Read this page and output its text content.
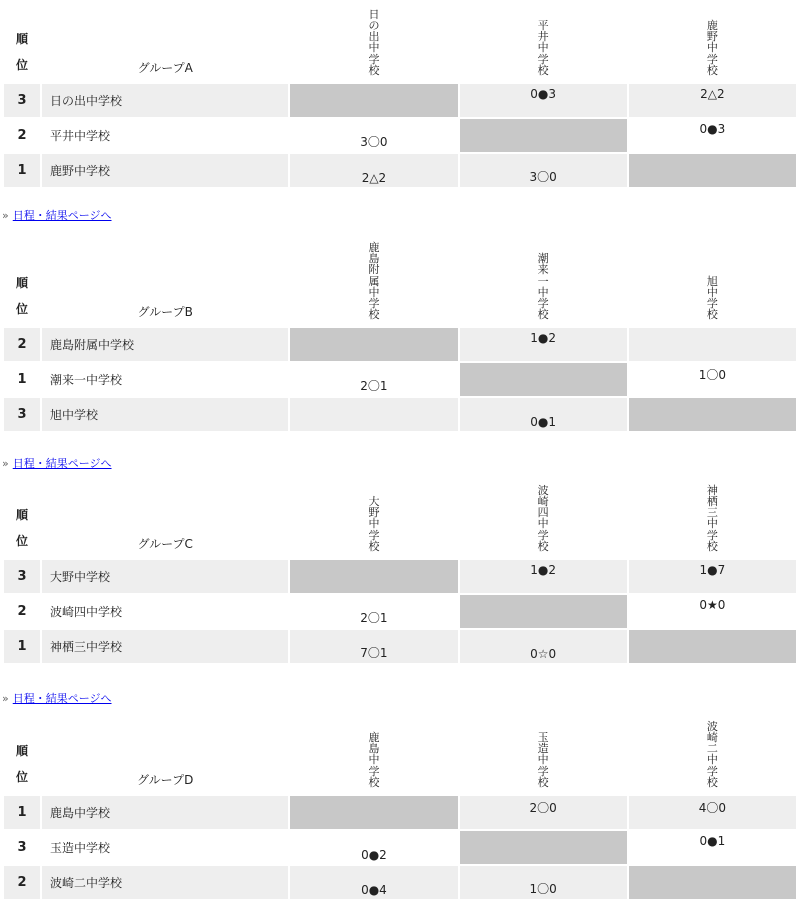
順位	グループA	日の出中学校	平井中学校	鹿野中学校
3	日の出中学校		0●3	2△2

2	平井中学校	3〇0		0●3

1	鹿野中学校	2△2	3〇0	

順位	グループB	鹿島附属中学校	潮来一中学校	旭中学校
2	鹿島附属中学校		1●2	

1	潮来一中学校	2〇1		1〇0

3	旭中学校		0●1	

順位	グループC	大野中学校	波崎四中学校	神栖三中学校
3	大野中学校		1●2	1●7

2	波崎四中学校	2〇1		0★0

1	神栖三中学校	7〇1	0☆0	

順位	グループD	鹿島中学校	玉造中学校	波崎二中学校
1	鹿島中学校		2〇0	4〇0

3	玉造中学校	0●2		0●1

2	波崎二中学校	0●4	1〇0	

» 日程・結果ページへ
» 日程・結果ページへ
» 日程・結果ページへ
